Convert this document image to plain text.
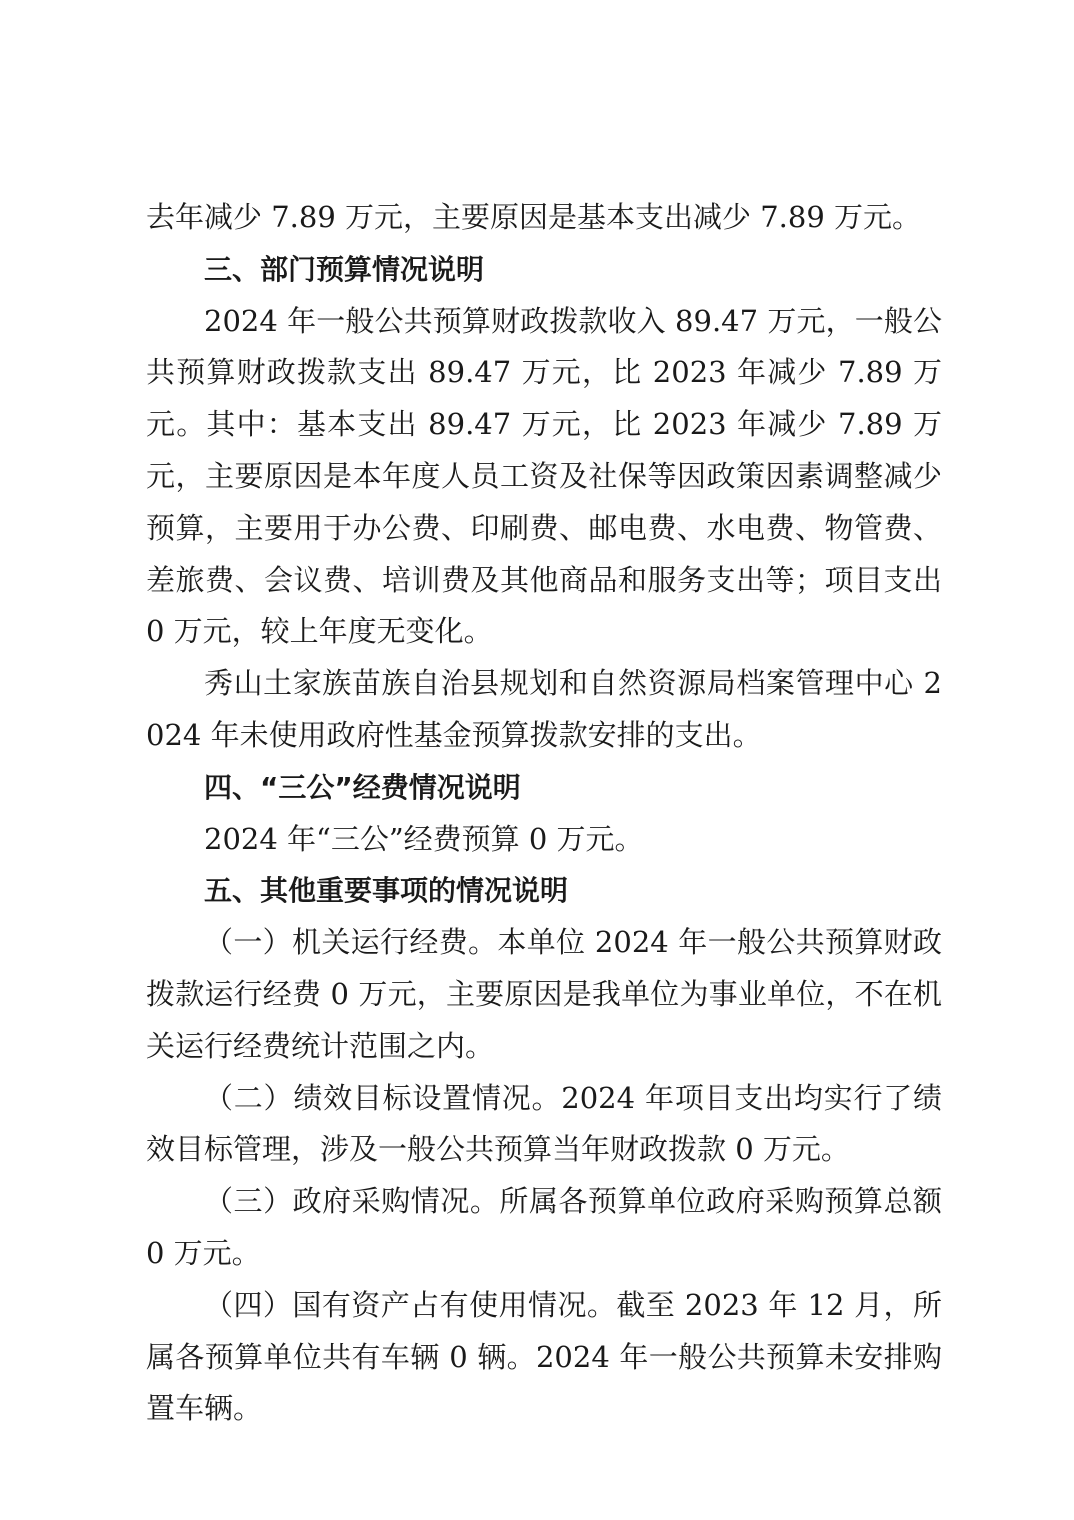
去年减少 7.89 万元，主要原因是基本支出减少 7.89 万元。

三、部门预算情况说明

2024 年一般公共预算财政拨款收入 89.47 万元，一般公共预算财政拨款支出 89.47 万元，比 2023 年减少 7.89 万元。其中：基本支出 89.47 万元，比 2023 年减少 7.89 万元，主要原因是本年度人员工资及社保等因政策因素调整减少预算，主要用于办公费、印刷费、邮电费、水电费、物管费、差旅费、会议费、培训费及其他商品和服务支出等；项目支出 0 万元，较上年度无变化。

秀山土家族苗族自治县规划和自然资源局档案管理中心 2024 年未使用政府性基金预算拨款安排的支出。

四、“三公”经费情况说明

2024 年“三公”经费预算 0 万元。

五、其他重要事项的情况说明

（一）机关运行经费。本单位 2024 年一般公共预算财政拨款运行经费 0 万元，主要原因是我单位为事业单位，不在机关运行经费统计范围之内。

（二）绩效目标设置情况。2024 年项目支出均实行了绩效目标管理，涉及一般公共预算当年财政拨款 0 万元。

（三）政府采购情况。所属各预算单位政府采购预算总额 0 万元。

（四）国有资产占有使用情况。截至 2023 年 12 月，所属各预算单位共有车辆 0 辆。2024 年一般公共预算未安排购置车辆。
